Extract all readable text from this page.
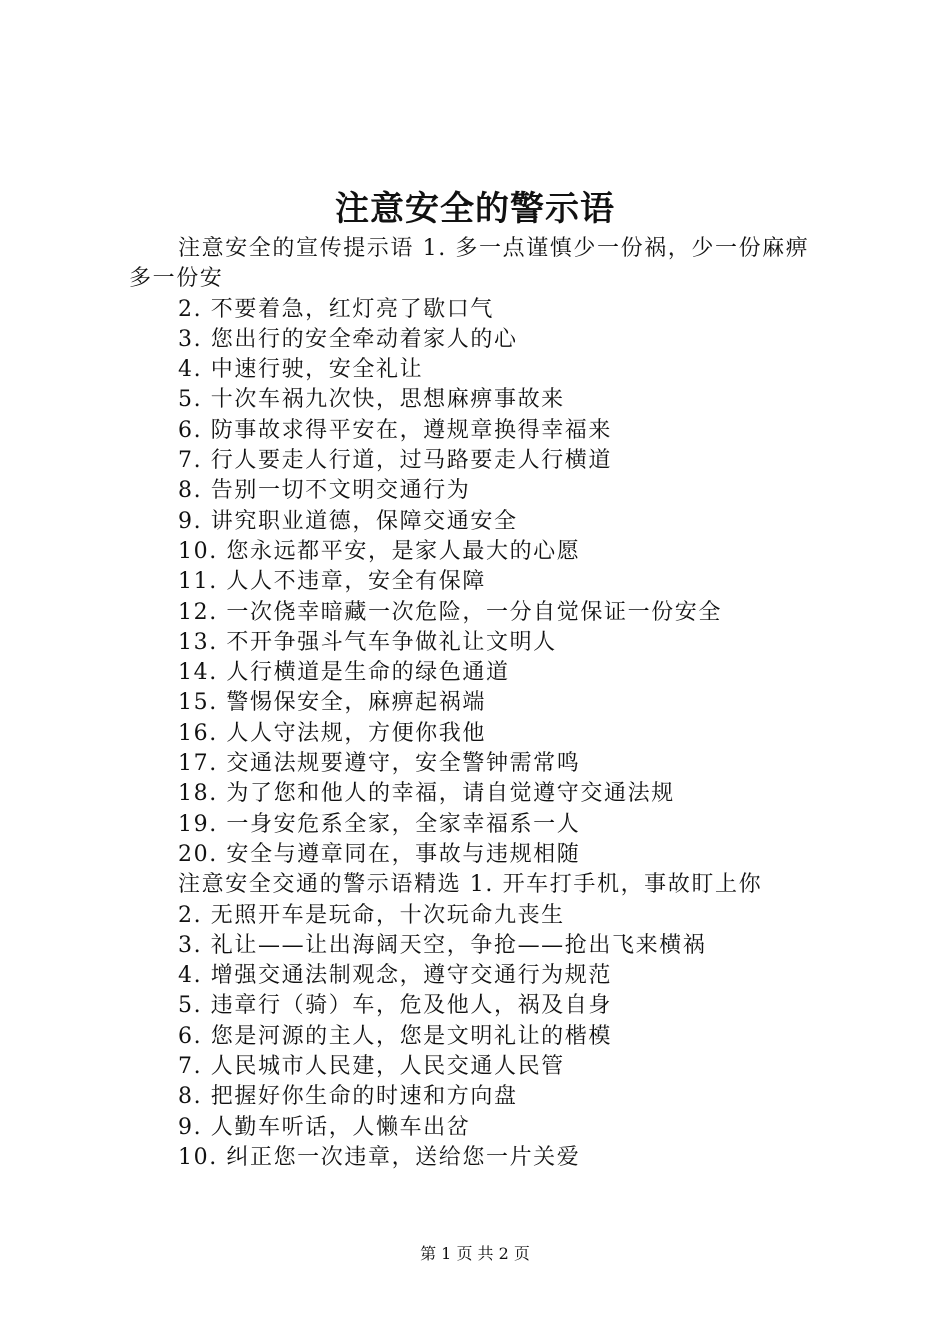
注意安全的警示语

注意安全的宣传提示语 1. 多一点谨慎少一份祸，少一份麻痹多一份安

2. 不要着急，红灯亮了歇口气

3. 您出行的安全牵动着家人的心

4. 中速行驶，安全礼让

5. 十次车祸九次快，思想麻痹事故来

6. 防事故求得平安在，遵规章换得幸福来

7. 行人要走人行道，过马路要走人行横道

8. 告别一切不文明交通行为

9. 讲究职业道德，保障交通安全

10. 您永远都平安，是家人最大的心愿

11. 人人不违章，安全有保障

12. 一次侥幸暗藏一次危险，一分自觉保证一份安全

13. 不开争强斗气车争做礼让文明人

14. 人行横道是生命的绿色通道

15. 警惕保安全，麻痹起祸端

16. 人人守法规，方便你我他

17. 交通法规要遵守，安全警钟需常鸣

18. 为了您和他人的幸福，请自觉遵守交通法规

19. 一身安危系全家，全家幸福系一人

20. 安全与遵章同在，事故与违规相随

注意安全交通的警示语精选 1. 开车打手机，事故盯上你

2. 无照开车是玩命，十次玩命九丧生

3. 礼让——让出海阔天空，争抢——抢出飞来横祸

4. 增强交通法制观念，遵守交通行为规范

5. 违章行（骑）车，危及他人，祸及自身

6. 您是河源的主人，您是文明礼让的楷模

7. 人民城市人民建，人民交通人民管

8. 把握好你生命的时速和方向盘

9. 人勤车听话，人懒车出岔

10. 纠正您一次违章，送给您一片关爱

第 1 页 共 2 页
